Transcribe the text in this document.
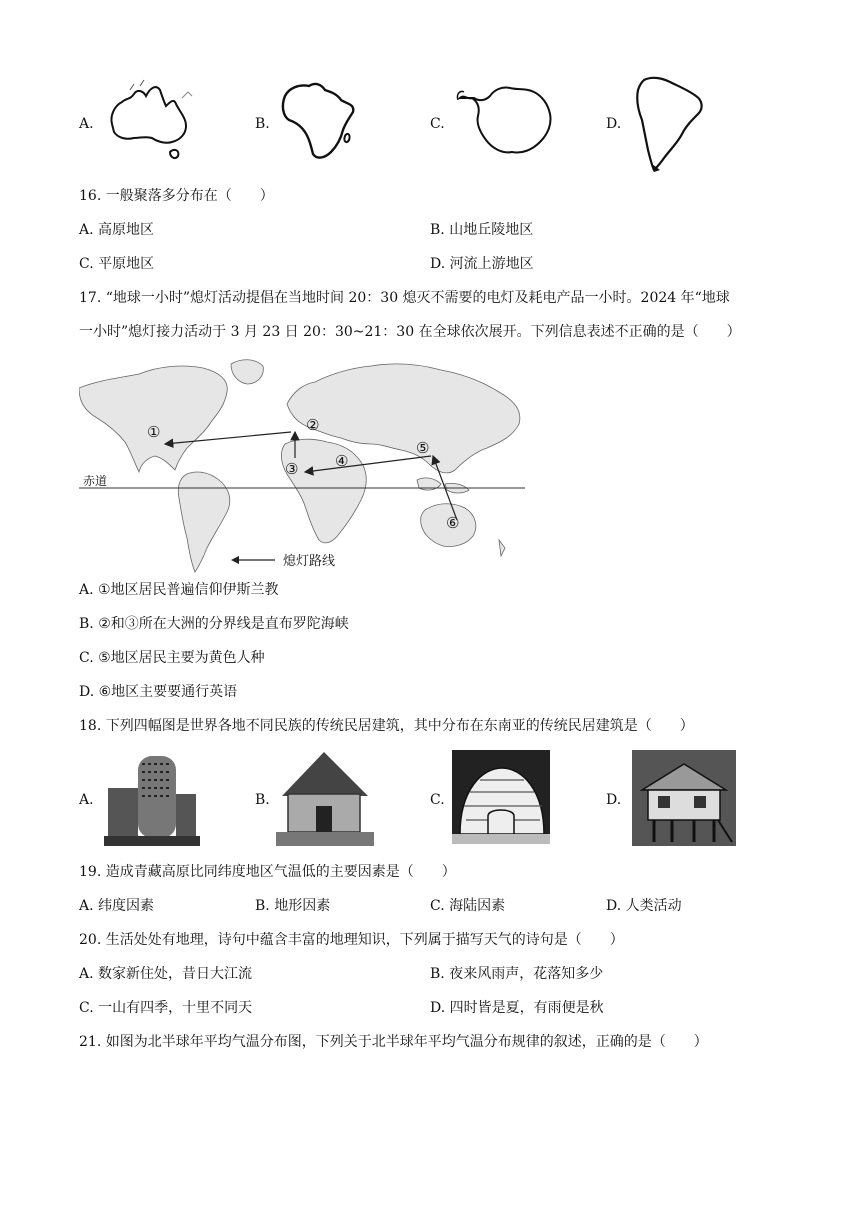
A.	B.	C.	D.
16. 一般聚落多分布在（　　）
A. 高原地区	B. 山地丘陵地区
C. 平原地区	D. 河流上游地区
17. “地球一小时”熄灯活动提倡在当地时间 20：30 熄灭不需要的电灯及耗电产品一小时。2024 年“地球
一小时”熄灯接力活动于 3 月 23 日 20：30~21：30 在全球依次展开。下列信息表述不正确的是（　　）
①	②
③ ④
⑤
⑥
赤道
熄灯路线
A. ①地区居民普遍信仰伊斯兰教
B. ②和③所在大洲的分界线是直布罗陀海峡
C. ⑤地区居民主要为黄色人种
D. ⑥地区主要要通行英语
18. 下列四幅图是世界各地不同民族的传统民居建筑，其中分布在东南亚的传统民居建筑是（　　）
A.	B.	C.	D.
19. 造成青藏高原比同纬度地区气温低的主要因素是（　　）
A. 纬度因素	B. 地形因素	C. 海陆因素	D. 人类活动
20. 生活处处有地理，诗句中蕴含丰富的地理知识，下列属于描写天气的诗句是（　　）
A. 数家新住处，昔日大江流	B. 夜来风雨声，花落知多少
C. 一山有四季，十里不同天	D. 四时皆是夏，有雨便是秋
21. 如图为北半球年平均气温分布图，下列关于北半球年平均气温分布规律的叙述，正确的是（　　）
